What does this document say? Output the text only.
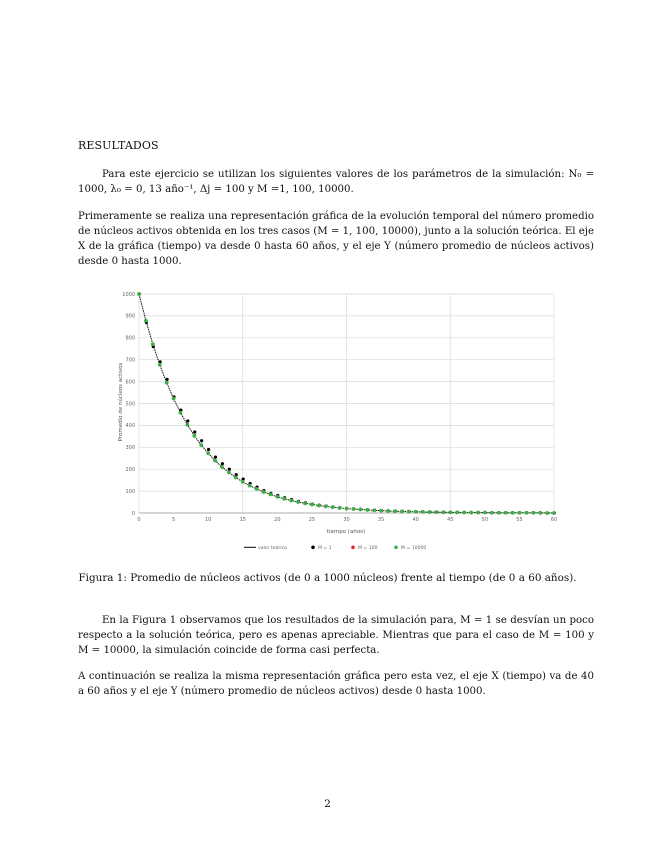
RESULTADOS
Para este ejercicio se utilizan los siguientes valores de los parámetros de la simulación: N₀ = 1000, λ₀ = 0, 13 año⁻¹, Δj = 100 y M =1, 100, 10000.
Primeramente se realiza una representación gráfica de la evolución temporal del número promedio de núcleos activos obtenida en los tres casos (M = 1, 100, 10000), junto a la solución teórica. El eje X de la gráfica (tiempo) va desde 0 hasta 60 años, y el eje Y (número promedio de núcleos activos) desde 0 hasta 1000.
0	5	10	15	20	25	30	35	40	45	50	55	60
0
100
200
300
400
500
600
700
800
900
1000
valor teórico	M = 1	M = 100	M = 10000
Promedio de núcleos activos
tiempo (años)
Figura 1: Promedio de núcleos activos (de 0 a 1000 núcleos) frente al tiempo (de 0 a 60 años).
En la Figura 1 observamos que los resultados de la simulación para, M = 1 se desvían un poco respecto a la solución teórica, pero es apenas apreciable. Mientras que para el caso de M = 100 y M = 10000, la simulación coincide de forma casi perfecta.
A continuación se realiza la misma representación gráfica pero esta vez, el eje X (tiempo) va de 40 a 60 años y el eje Y (número promedio de núcleos activos) desde 0 hasta 1000.
2
